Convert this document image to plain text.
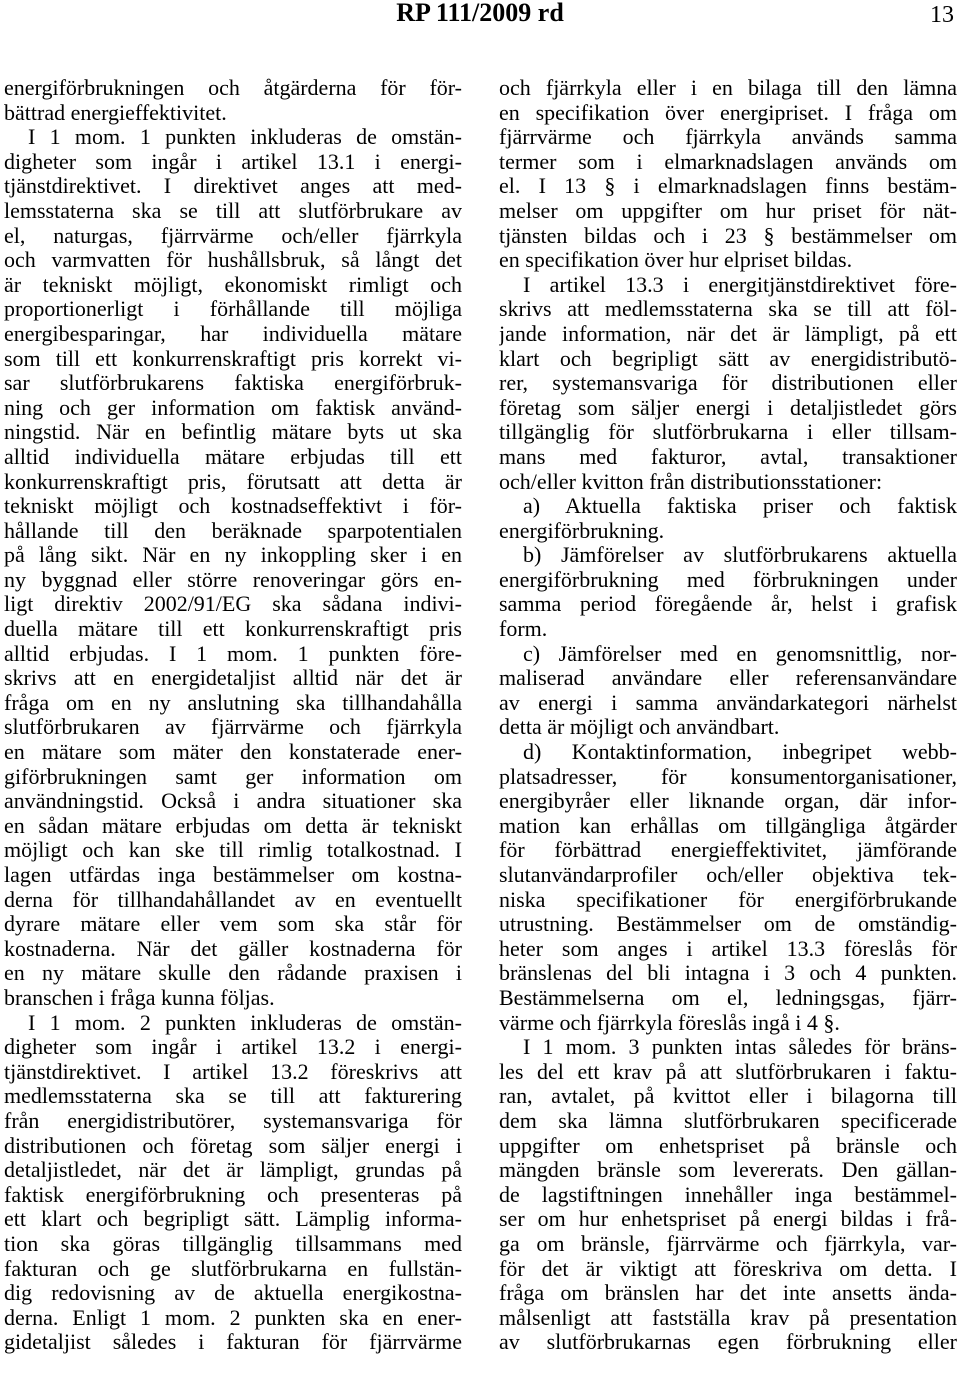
RP 111/2009 rd	13
energiförbrukningen och åtgärderna för för-
bättrad energieffektivitet.
I 1 mom. 1 punkten inkluderas de omstän-
digheter som ingår i artikel 13.1 i energi-
tjänstdirektivet. I direktivet anges att med-
lemsstaterna ska se till att slutförbrukare av
el, naturgas, fjärrvärme och/eller fjärrkyla
och varmvatten för hushållsbruk, så långt det
är tekniskt möjligt, ekonomiskt rimligt och
proportionerligt i förhållande till möjliga
energibesparingar, har individuella mätare
som till ett konkurrenskraftigt pris korrekt vi-
sar slutförbrukarens faktiska energiförbruk-
ning och ger information om faktisk använd-
ningstid. När en befintlig mätare byts ut ska
alltid individuella mätare erbjudas till ett
konkurrenskraftigt pris, förutsatt att detta är
tekniskt möjligt och kostnadseffektivt i för-
hållande till den beräknade sparpotentialen
på lång sikt. När en ny inkoppling sker i en
ny byggnad eller större renoveringar görs en-
ligt direktiv 2002/91/EG ska sådana indivi-
duella mätare till ett konkurrenskraftigt pris
alltid erbjudas. I 1 mom. 1 punkten före-
skrivs att en energidetaljist alltid när det är
fråga om en ny anslutning ska tillhandahålla
slutförbrukaren av fjärrvärme och fjärrkyla
en mätare som mäter den konstaterade ener-
giförbrukningen samt ger information om
användningstid. Också i andra situationer ska
en sådan mätare erbjudas om detta är tekniskt
möjligt och kan ske till rimlig totalkostnad. I
lagen utfärdas inga bestämmelser om kostna-
derna för tillhandahållandet av en eventuellt
dyrare mätare eller vem som ska står för
kostnaderna. När det gäller kostnaderna för
en ny mätare skulle den rådande praxisen i
branschen i fråga kunna följas.
I 1 mom. 2 punkten inkluderas de omstän-
digheter som ingår i artikel 13.2 i energi-
tjänstdirektivet. I artikel 13.2 föreskrivs att
medlemsstaterna ska se till att fakturering
från energidistributörer, systemansvariga för
distributionen och företag som säljer energi i
detaljistledet, när det är lämpligt, grundas på
faktisk energiförbrukning och presenteras på
ett klart och begripligt sätt. Lämplig informa-
tion ska göras tillgänglig tillsammans med
fakturan och ge slutförbrukarna en fullstän-
dig redovisning av de aktuella energikostna-
derna. Enligt 1 mom. 2 punkten ska en ener-
gidetaljist således i fakturan för fjärrvärme
och fjärrkyla eller i en bilaga till den lämna
en specifikation över energipriset. I fråga om
fjärrvärme och fjärrkyla används samma
termer som i elmarknadslagen används om
el. I 13 § i elmarknadslagen finns bestäm-
melser om uppgifter om hur priset för nät-
tjänsten bildas och i 23 § bestämmelser om
en specifikation över hur elpriset bildas.
I artikel 13.3 i energitjänstdirektivet före-
skrivs att medlemsstaterna ska se till att föl-
jande information, när det är lämpligt, på ett
klart och begripligt sätt av energidistributö-
rer, systemansvariga för distributionen eller
företag som säljer energi i detaljistledet görs
tillgänglig för slutförbrukarna i eller tillsam-
mans med fakturor, avtal, transaktioner
och/eller kvitton från distributionsstationer:
a) Aktuella faktiska priser och faktisk
energiförbrukning.
b) Jämförelser av slutförbrukarens aktuella
energiförbrukning med förbrukningen under
samma period föregående år, helst i grafisk
form.
c) Jämförelser med en genomsnittlig, nor-
maliserad användare eller referensanvändare
av energi i samma användarkategori närhelst
detta är möjligt och användbart.
d) Kontaktinformation, inbegripet webb-
platsadresser, för konsumentorganisationer,
energibyråer eller liknande organ, där infor-
mation kan erhållas om tillgängliga åtgärder
för förbättrad energieffektivitet, jämförande
slutanvändarprofiler och/eller objektiva tek-
niska specifikationer för energiförbrukande
utrustning. Bestämmelser om de omständig-
heter som anges i artikel 13.3 föreslås för
bränslenas del bli intagna i 3 och 4 punkten.
Bestämmelserna om el, ledningsgas, fjärr-
värme och fjärrkyla föreslås ingå i 4 §.
I 1 mom. 3 punkten intas således för bräns-
les del ett krav på att slutförbrukaren i faktu-
ran, avtalet, på kvittot eller i bilagorna till
dem ska lämna slutförbrukaren specificerade
uppgifter om enhetspriset på bränsle och
mängden bränsle som levererats. Den gällan-
de lagstiftningen innehåller inga bestämmel-
ser om hur enhetspriset på energi bildas i frå-
ga om bränsle, fjärrvärme och fjärrkyla, var-
för det är viktigt att föreskriva om detta. I
fråga om bränslen har det inte ansetts ända-
målsenligt att fastställa krav på presentation
av slutförbrukarnas egen förbrukning eller
